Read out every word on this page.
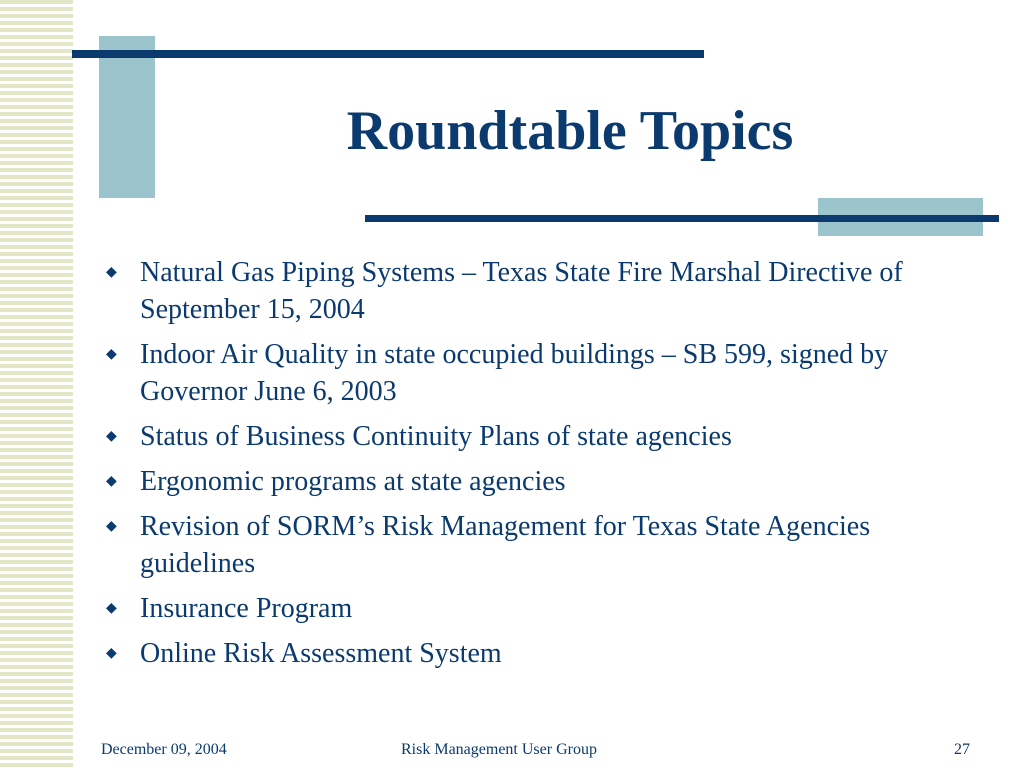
Roundtable Topics
◆ Natural Gas Piping Systems – Texas State Fire Marshal Directive of September 15, 2004
◆ Indoor Air Quality in state occupied buildings – SB 599, signed by Governor June 6, 2003
◆ Status of Business Continuity Plans of state agencies
◆ Ergonomic programs at state agencies
◆ Revision of SORM’s Risk Management for Texas State Agencies guidelines
◆ Insurance Program
◆ Online Risk Assessment System
December 09, 2004	Risk Management User Group	27
